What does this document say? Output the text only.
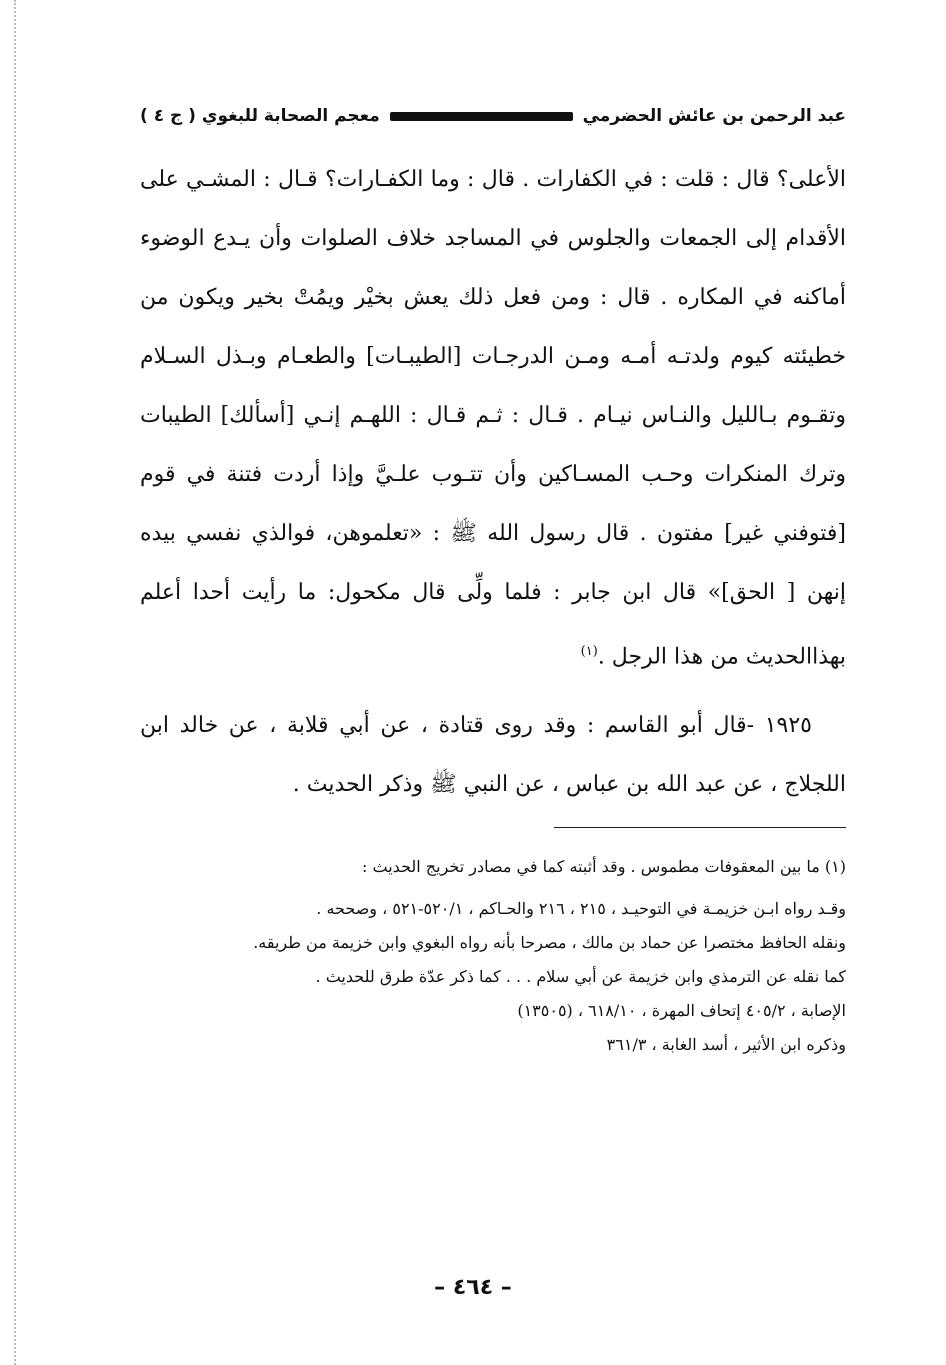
عبد الرحمن بن عائش الحضرمي
معجم الصحابة للبغوي ( ج ٤ )

الأعلى؟ قال : قلت : في الكفارات . قال : وما الكفـارات؟ قـال : المشـي على الأقدام إلى الجمعات والجلوس في المساجد خلاف الصلوات وأن يـدع الوضوء أماكنه في المكاره . قال : ومن فعل ذلك يعش بخيْر ويمُتْ بخير ويكون من خطيئته كيوم ولدتـه أمـه ومـن الدرجـات [الطيبـات] والطعـام وبـذل السـلام وتقـوم بـالليل والنـاس نيـام . قـال : ثـم قـال : اللهـم إنـي [أسألك] الطيبات وترك المنكرات وحـب المسـاكين وأن تتـوب علـيَّ وإذا أردت فتنة في قوم [فتوفني غير] مفتون . قال رسول الله ﷺ : «تعلموهن، فوالذي نفسي بيده إنهن [ الحق]» قال ابن جابر : فلما ولِّى قال مكحول: ما رأيت أحدا أعلم بهذاالحديث من هذا الرجل .$^{(١)}$

١٩٢٥ -قال أبو القاسم : وقد روى قتادة ، عن أبي قلابة ، عن خالد ابن اللجلاج ، عن عبد الله بن عباس ، عن النبي ﷺ وذكر الحديث .

(١) ما بين المعقوفات مطموس . وقد أثبته كما في مصادر تخريج الحديث :

وقـد رواه ابـن خزيمـة في التوحيـد ، ٢١٥ ، ٢١٦ والحـاكم ، ٥٢٠/١-٥٢١ ، وصححه .

ونقله الحافظ مختصرا عن حماد بن مالك ، مصرحا بأنه رواه البغوي وابن خزيمة من طريقه.

كما نقله عن الترمذي وابن خزيمة عن أبي سلام . . . كما ذكر عدّة طرق للحديث .

الإصابة ، ٤٠٥/٢ إتحاف المهرة ، ٦١٨/١٠ ، (١٣٥٠٥)

وذكره ابن الأثير ، أسد الغابة ، ٣٦١/٣

– ٤٦٤ –
